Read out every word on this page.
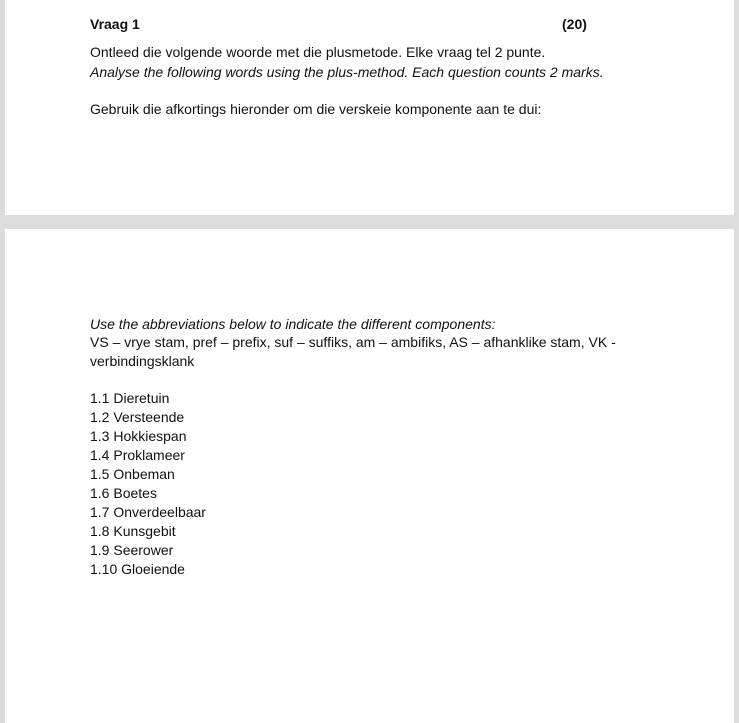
Vraag 1	(20)
Ontleed die volgende woorde met die plusmetode. Elke vraag tel 2 punte.
Analyse the following words using the plus-method. Each question counts 2 marks.
Gebruik die afkortings hieronder om die verskeie komponente aan te dui:
Use the abbreviations below to indicate the different components:
VS – vrye stam, pref – prefix, suf – suffiks, am – ambifiks, AS – afhanklike stam, VK -
verbindingsklank
1.1 Dieretuin
1.2 Versteende
1.3 Hokkiespan
1.4 Proklameer
1.5 Onbeman
1.6 Boetes
1.7 Onverdeelbaar
1.8 Kunsgebit
1.9 Seerower
1.10 Gloeiende
